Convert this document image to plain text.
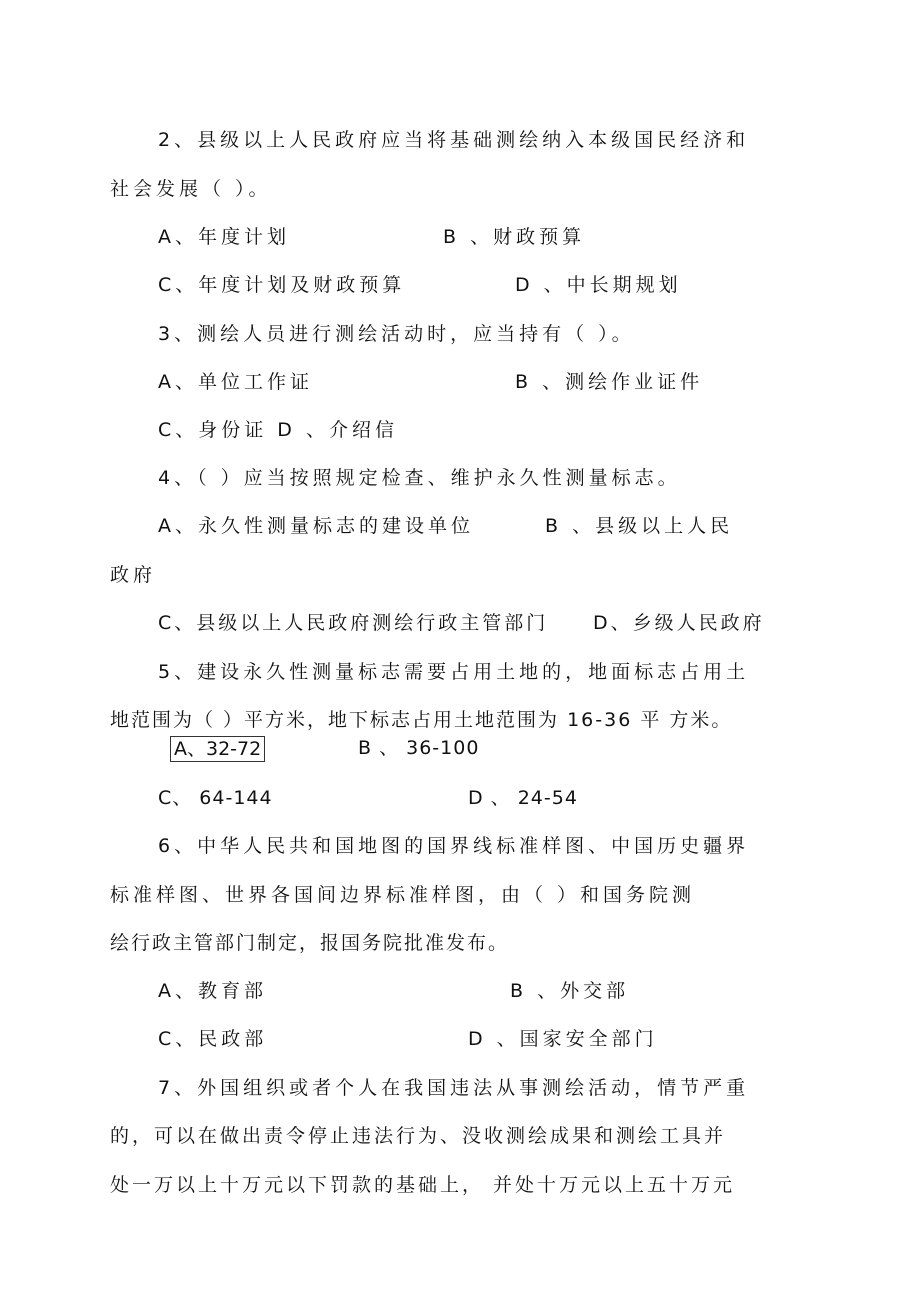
2、县级以上人民政府应当将基础测绘纳入本级国民经济和
社会发展（ ）。
A、年度计划	B 、财政预算
C、年度计划及财政预算	D 、中长期规划
3、测绘人员进行测绘活动时，应当持有（ ）。
A、单位工作证	B 、测绘作业证件
C、身份证 D 、介绍信
4、（ ）应当按照规定检查、维护永久性测量标志。
A、永久性测量标志的建设单位	B 、县级以上人民
政府
C、县级以上人民政府测绘行政主管部门 D、乡级人民政府
5、建设永久性测量标志需要占用土地的，地面标志占用土
地范围为（ ）平方米，地下标志占用土地范围为 16-36 平 方米。
A、32-72	B 、 36-100
C、 64-144	D 、 24-54
6、中华人民共和国地图的国界线标准样图、中国历史疆界
标准样图、世界各国间边界标准样图，由（ ）和国务院测
绘行政主管部门制定，报国务院批准发布。
A、教育部	B 、外交部
C、民政部	D 、国家安全部门
7、外国组织或者个人在我国违法从事测绘活动，情节严重
的，可以在做出责令停止违法行为、没收测绘成果和测绘工具并
处一万以上十万元以下罚款的基础上， 并处十万元以上五十万元
